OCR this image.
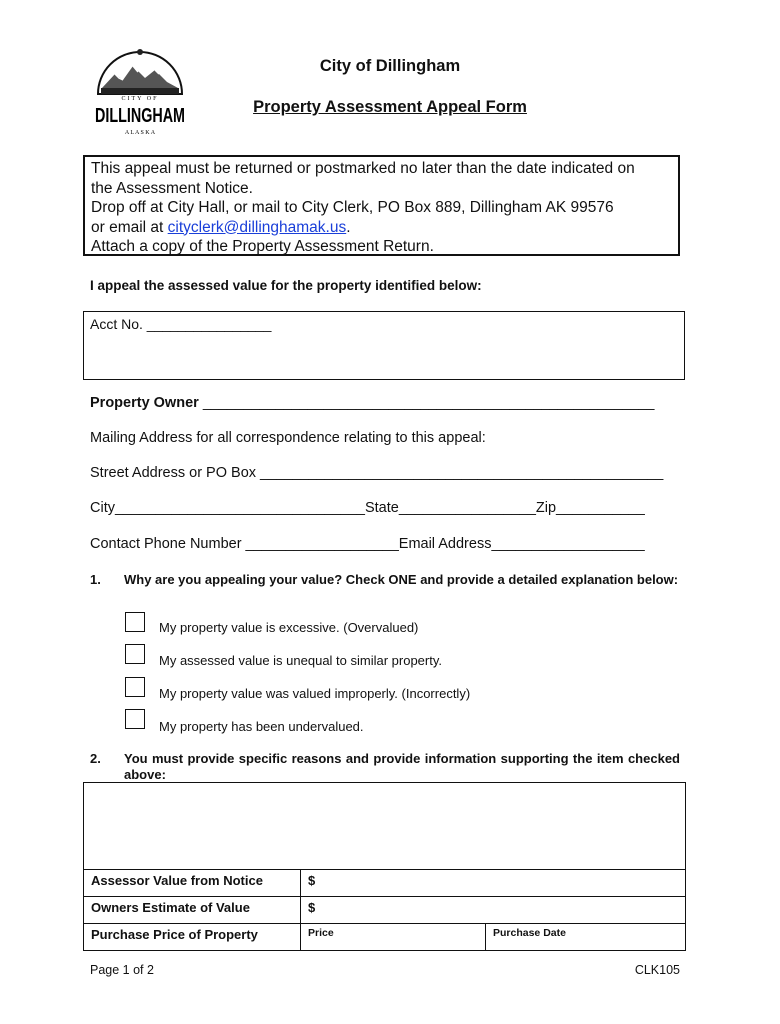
CITY OF
DILLINGHAM
A L A S K A
City of Dillingham
Property Assessment Appeal Form
This appeal must be returned or postmarked no later than the date indicated on
the Assessment Notice.
Drop off at City Hall, or mail to City Clerk, PO Box 889, Dillingham AK 99576
or email at cityclerk@dillinghamak.us.
Attach a copy of the Property Assessment Return.
I appeal the assessed value for the property identified below:
Acct No. ________________
Property Owner ________________________________________________________
Mailing Address for all correspondence relating to this appeal:
Street Address or PO Box __________________________________________________
City_______________________________State_________________Zip___________
Contact Phone Number ___________________Email Address___________________
1. Why are you appealing your value? Check ONE and provide a detailed explanation below:
My property value is excessive. (Overvalued)
My assessed value is unequal to similar property.
My property value was valued improperly. (Incorrectly)
My property has been undervalued.
2. You must provide specific reasons and provide information supporting the item checked above:
Assessor Value from Notice	$	
Owners Estimate of Value	$	
Purchase Price of Property	Price	Purchase Date
Page 1 of 2	CLK105
